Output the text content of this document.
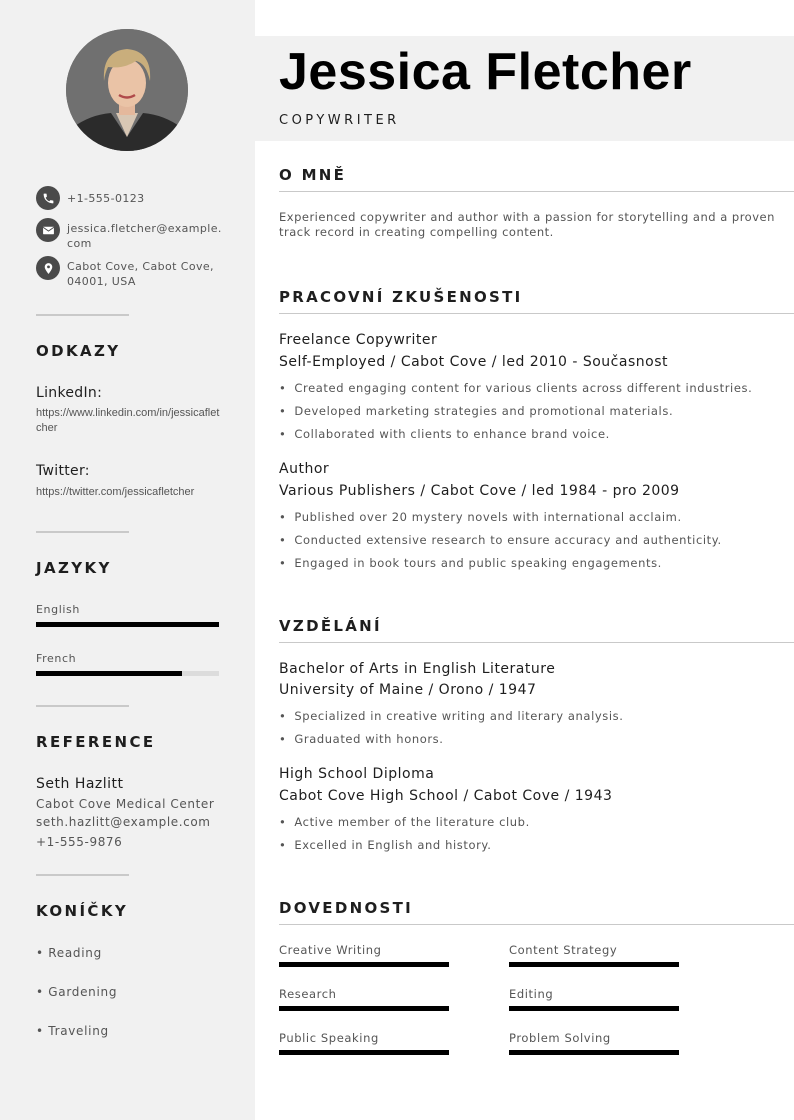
+1-555-0123
jessica.fletcher@example.com
Cabot Cove, Cabot Cove, 04001, USA
ODKAZY
LinkedIn:
https://www.linkedin.com/in/jessicafletcher
Twitter:
https://twitter.com/jessicafletcher
JAZYKY
English
French
REFERENCE
Seth Hazlitt
Cabot Cove Medical Center
seth.hazlitt@example.com
+1-555-9876
KONÍČKY
• Reading
• Gardening
• Traveling
Jessica Fletcher
COPYWRITER
O MNĚ
Experienced copywriter and author with a passion for storytelling and a proven track record in creating compelling content.
PRACOVNÍ ZKUŠENOSTI
Freelance Copywriter
Self-Employed / Cabot Cove / led 2010 - Současnost
• Created engaging content for various clients across different industries.
• Developed marketing strategies and promotional materials.
• Collaborated with clients to enhance brand voice.
Author
Various Publishers / Cabot Cove / led 1984 - pro 2009
• Published over 20 mystery novels with international acclaim.
• Conducted extensive research to ensure accuracy and authenticity.
• Engaged in book tours and public speaking engagements.
VZDĚLÁNÍ
Bachelor of Arts in English Literature
University of Maine / Orono / 1947
• Specialized in creative writing and literary analysis.
• Graduated with honors.
High School Diploma
Cabot Cove High School / Cabot Cove / 1943
• Active member of the literature club.
• Excelled in English and history.
DOVEDNOSTI
Creative Writing	Content Strategy
Research	Editing
Public Speaking	Problem Solving
